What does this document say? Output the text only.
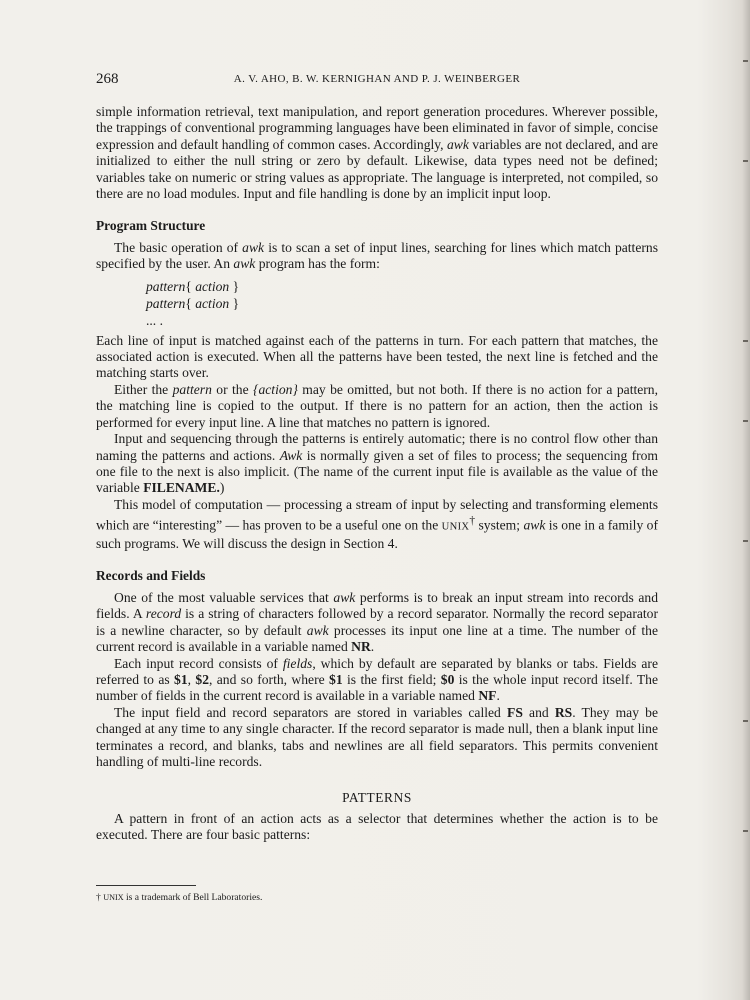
268	A. V. AHO, B. W. KERNIGHAN AND P. J. WEINBERGER

simple information retrieval, text manipulation, and report generation procedures. Wherever possible, the trappings of conventional programming languages have been eliminated in favor of simple, concise expression and default handling of common cases. Accordingly, awk variables are not declared, and are initialized to either the null string or zero by default. Likewise, data types need not be defined; variables take on numeric or string values as appropriate. The language is interpreted, not compiled, so there are no load modules. Input and file handling is done by an implicit input loop.

Program Structure

The basic operation of awk is to scan a set of input lines, searching for lines which match patterns specified by the user. An awk program has the form:

pattern{ action }
pattern{ action }
... .

Each line of input is matched against each of the patterns in turn. For each pattern that matches, the associated action is executed. When all the patterns have been tested, the next line is fetched and the matching starts over.

Either the pattern or the {action} may be omitted, but not both. If there is no action for a pattern, the matching line is copied to the output. If there is no pattern for an action, then the action is performed for every input line. A line that matches no pattern is ignored.

Input and sequencing through the patterns is entirely automatic; there is no control flow other than naming the patterns and actions. Awk is normally given a set of files to process; the sequencing from one file to the next is also implicit. (The name of the current input file is available as the value of the variable FILENAME.)

This model of computation — processing a stream of input by selecting and transforming elements which are “interesting” — has proven to be a useful one on the UNIX† system; awk is one in a family of such programs. We will discuss the design in Section 4.

Records and Fields

One of the most valuable services that awk performs is to break an input stream into records and fields. A record is a string of characters followed by a record separator. Normally the record separator is a newline character, so by default awk processes its input one line at a time. The number of the current record is available in a variable named NR.

Each input record consists of fields, which by default are separated by blanks or tabs. Fields are referred to as $1, $2, and so forth, where $1 is the first field; $0 is the whole input record itself. The number of fields in the current record is available in a variable named NF.

The input field and record separators are stored in variables called FS and RS. They may be changed at any time to any single character. If the record separator is made null, then a blank input line terminates a record, and blanks, tabs and newlines are all field separators. This permits convenient handling of multi-line records.

PATTERNS

A pattern in front of an action acts as a selector that determines whether the action is to be executed. There are four basic patterns:

† UNIX is a trademark of Bell Laboratories.
